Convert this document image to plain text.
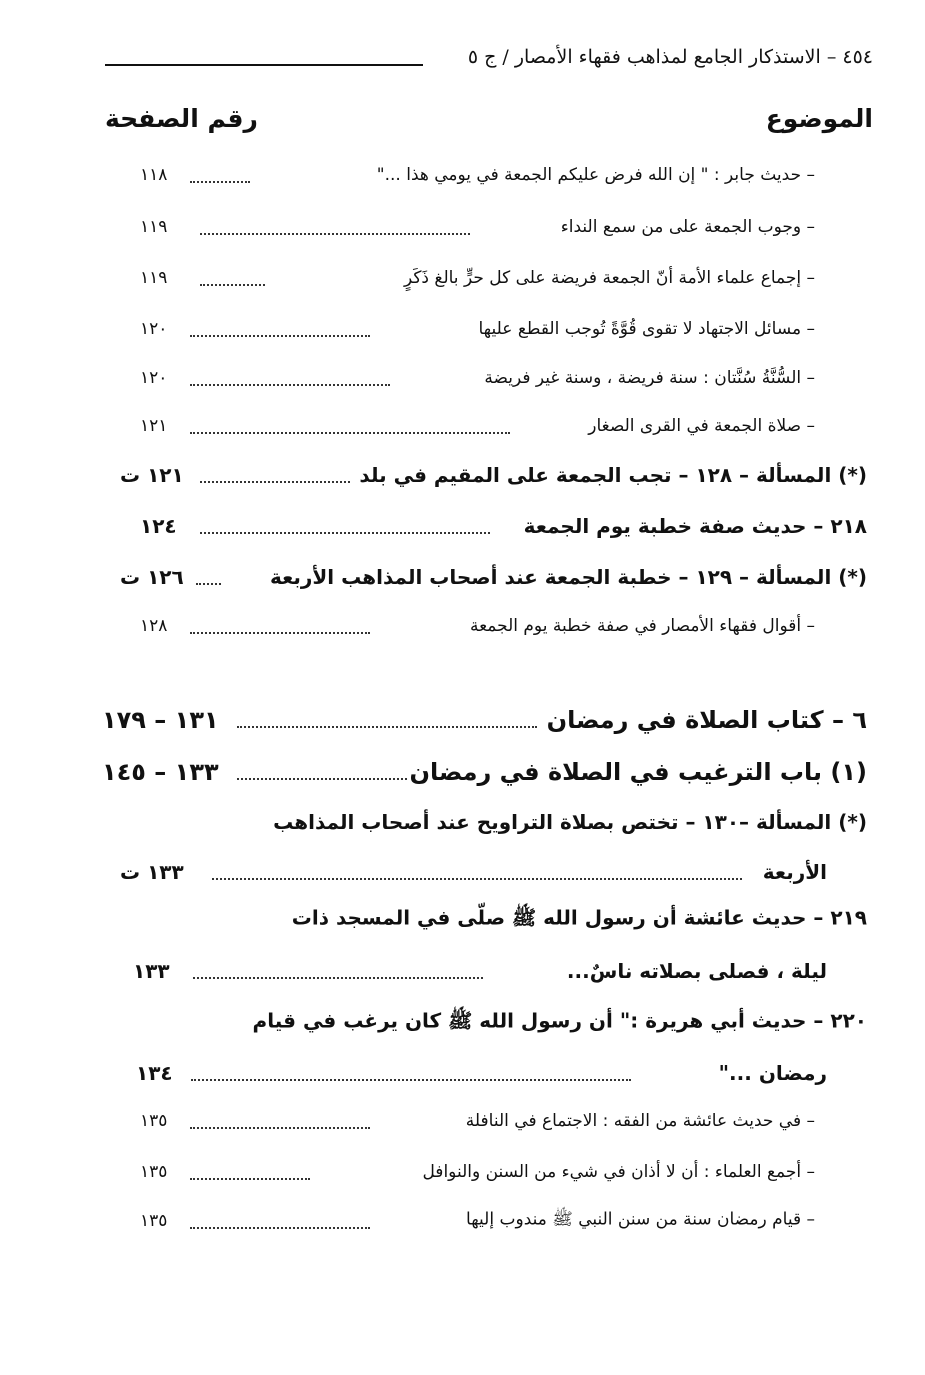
٤٥٤ – الاستذكار الجامع لمذاهب فقهاء الأمصار / ج ٥
الموضوع
رقم الصفحة
– حديث جابر : " إن الله فرض عليكم الجمعة في يومي هذا ..."
١١٨
– وجوب الجمعة على من سمع النداء
١١٩
– إجماع علماء الأمة أنّ الجمعة فريضة على كل حرٍّ بالغ ذَكَرٍ
١١٩
– مسائل الاجتهاد لا تقوى قُوَّةً تُوجب القطع عليها
١٢٠
– السُّنَّةُ سُنَّتان : سنة فريضة ، وسنة غير فريضة
١٢٠
– صلاة الجمعة في القرى الصغار
١٢١
(*) المسألة – ١٢٨ – تجب الجمعة على المقيم في بلد
١٢١ ت
٢١٨ – حديث صفة خطبة يوم الجمعة
١٢٤
(*) المسألة – ١٢٩ – خطبة الجمعة عند أصحاب المذاهب الأربعة
١٢٦ ت
– أقوال فقهاء الأمصار في صفة خطبة يوم الجمعة
١٢٨
٦ – كتاب الصلاة في رمضان
١٣١ – ١٧٩
(١) باب الترغيب في الصلاة في رمضان
١٣٣ – ١٤٥
(*) المسألة –١٣٠ – تختص بصلاة التراويح عند أصحاب المذاهب
الأربعة
١٣٣ ت
٢١٩ – حديث عائشة أن رسول الله ﷺ صلّى في المسجد ذات
ليلة ، فصلى بصلاته ناسٌ...
١٣٣
٢٢٠ – حديث أبي هريرة :" أن رسول الله ﷺ كان يرغب في قيام
رمضان ..."
١٣٤
– في حديث عائشة من الفقه : الاجتماع في النافلة
١٣٥
– أجمع العلماء : أن لا أذان في شيء من السنن والنوافل
١٣٥
– قيام رمضان سنة من سنن النبي ﷺ مندوب إليها
١٣٥
